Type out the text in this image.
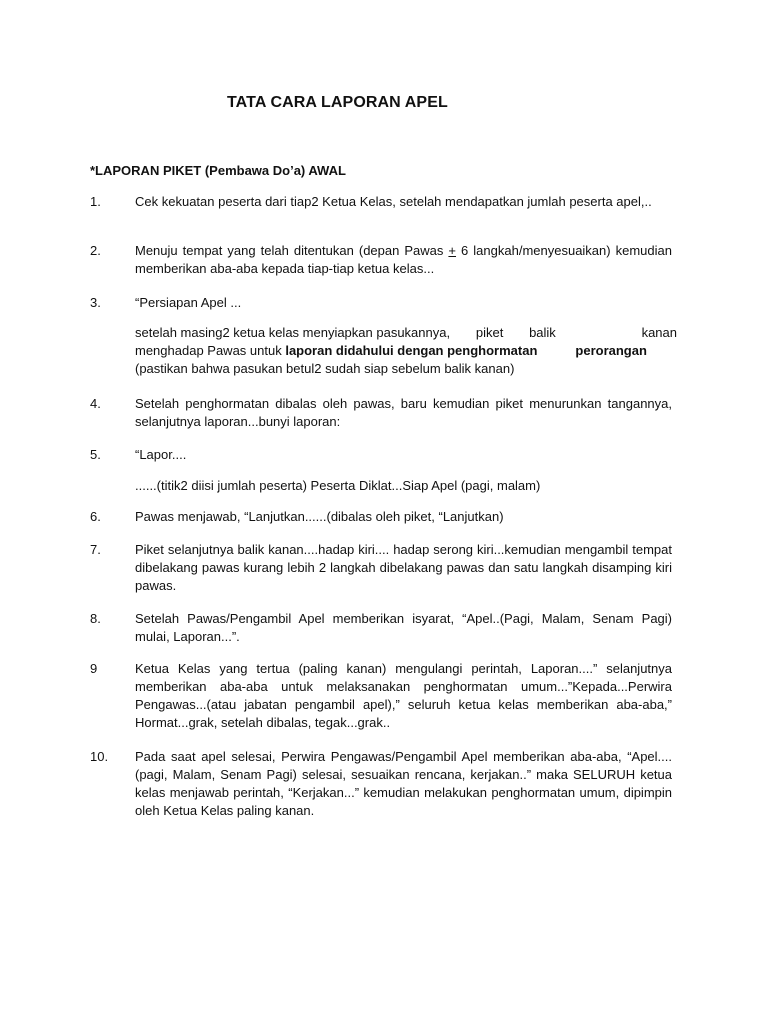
TATA CARA LAPORAN APEL
*LAPORAN PIKET (Pembawa Do’a) AWAL
1.	Cek kekuatan peserta dari tiap2 Ketua Kelas, setelah mendapatkan jumlah peserta apel,..
2.	Menuju tempat yang telah ditentukan (depan Pawas + 6 langkah/menyesuaikan) kemudian memberikan aba-aba kepada tiap-tiap ketua kelas...
3.	“Persiapan Apel ...
setelah masing2 ketua kelas menyiapkan pasukannya, piket balik	kanan
menghadap Pawas untuk laporan didahului dengan penghormatan	perorangan
(pastikan bahwa pasukan betul2 sudah siap sebelum balik kanan)
4.	Setelah penghormatan dibalas oleh pawas, baru kemudian piket menurunkan tangannya, selanjutnya laporan...bunyi laporan:
5.	“Lapor....
......(titik2 diisi jumlah peserta) Peserta Diklat...Siap Apel (pagi, malam)
6.	Pawas menjawab, “Lanjutkan......(dibalas oleh piket, “Lanjutkan)
7.	Piket selanjutnya balik kanan....hadap kiri.... hadap serong kiri...kemudian mengambil tempat dibelakang pawas kurang lebih 2 langkah dibelakang pawas dan satu langkah disamping kiri pawas.
8.	Setelah Pawas/Pengambil Apel memberikan isyarat, “Apel..(Pagi, Malam, Senam Pagi) mulai, Laporan...”.
9	Ketua Kelas yang tertua (paling kanan) mengulangi perintah, Laporan....” selanjutnya memberikan aba-aba untuk melaksanakan penghormatan umum...”Kepada...Perwira Pengawas...(atau jabatan pengambil apel),” seluruh ketua kelas memberikan aba-aba,” Hormat...grak, setelah dibalas, tegak...grak..
10.	Pada saat apel selesai, Perwira Pengawas/Pengambil Apel memberikan aba-aba, “Apel....(pagi, Malam, Senam Pagi) selesai, sesuaikan rencana, kerjakan..” maka SELURUH ketua kelas menjawab perintah, “Kerjakan...” kemudian melakukan penghormatan umum, dipimpin oleh Ketua Kelas paling kanan.
